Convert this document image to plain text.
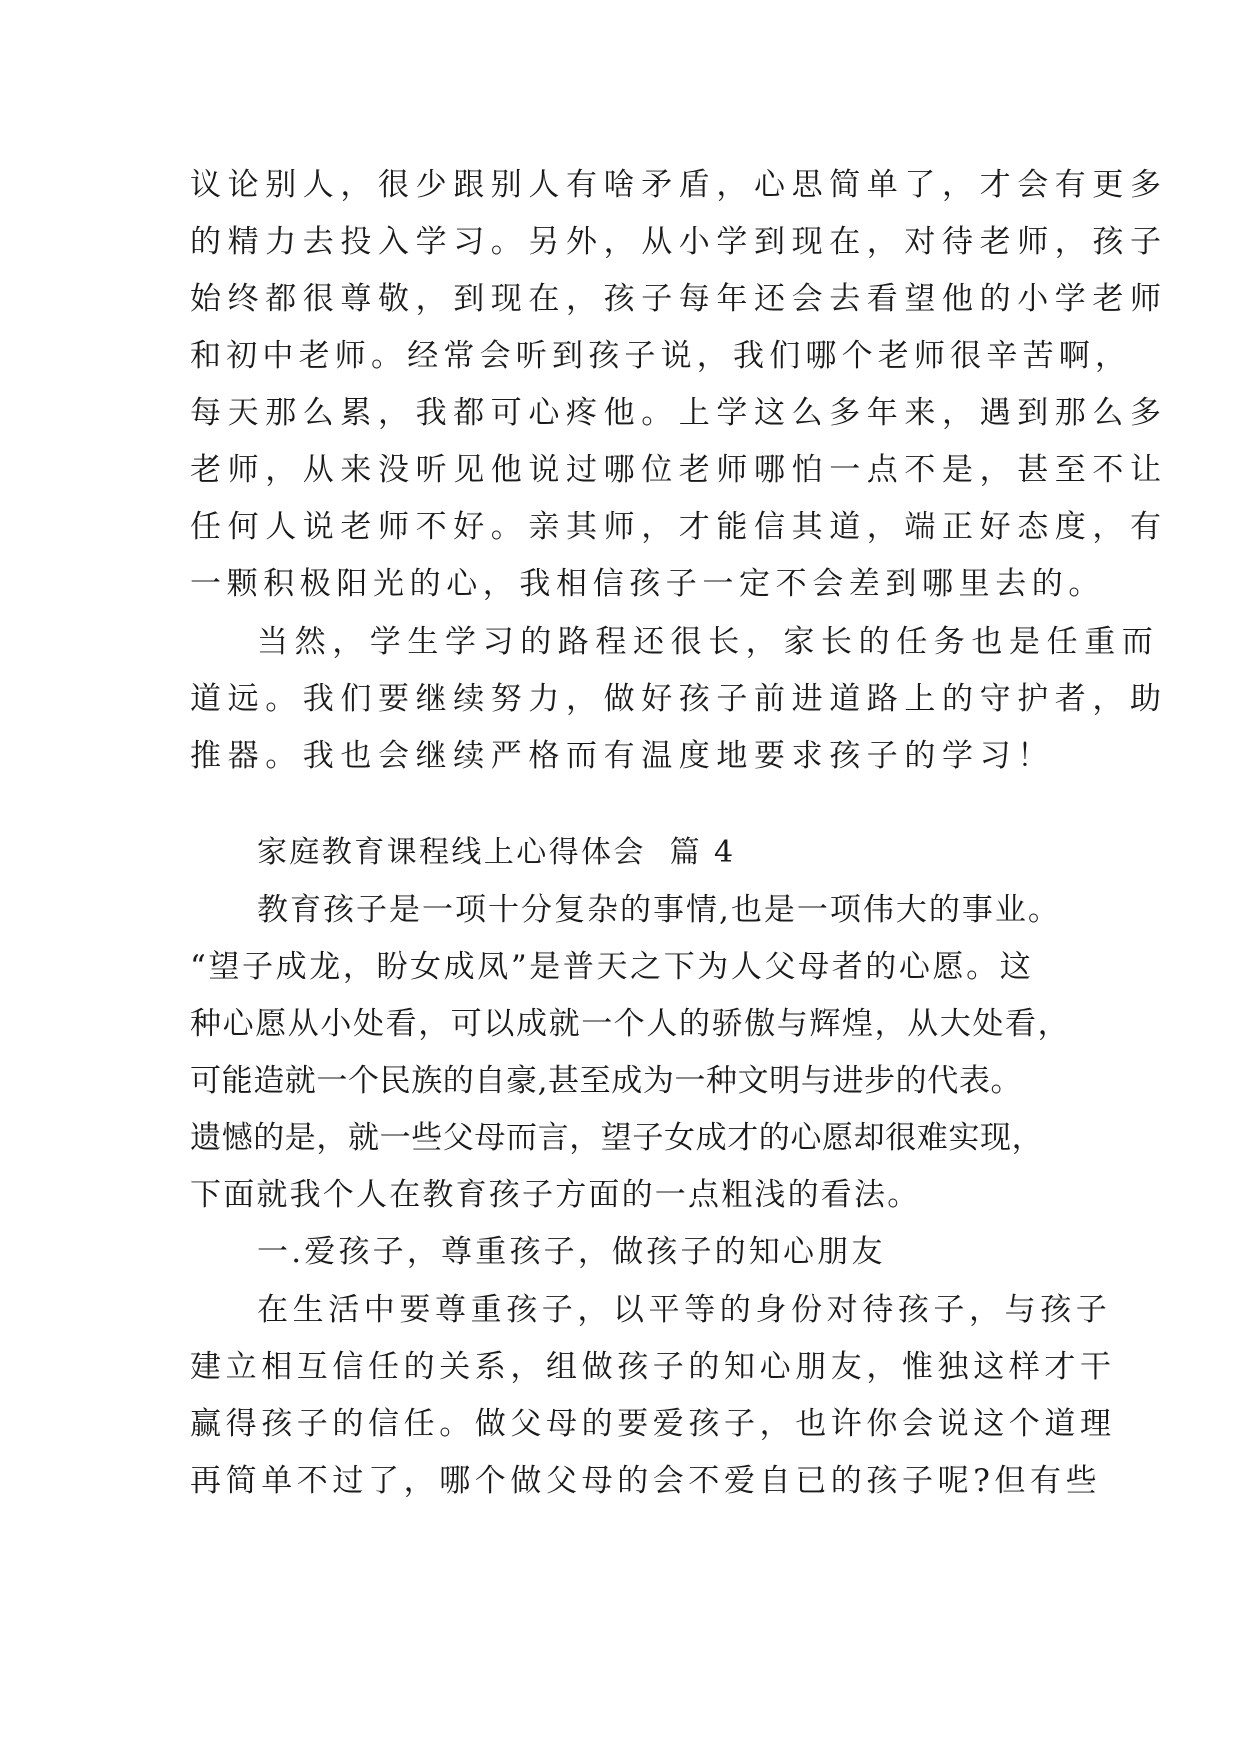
议论别人，很少跟别人有啥矛盾，心思简单了，才会有更多
的精力去投入学习。另外，从小学到现在，对待老师，孩子
始终都很尊敬，到现在，孩子每年还会去看望他的小学老师
和初中老师。经常会听到孩子说，我们哪个老师很辛苦啊，
每天那么累，我都可心疼他。上学这么多年来，遇到那么多
老师，从来没听见他说过哪位老师哪怕一点不是，甚至不让
任何人说老师不好。亲其师，才能信其道，端正好态度，有
一颗积极阳光的心，我相信孩子一定不会差到哪里去的。
当然，学生学习的路程还很长，家长的任务也是任重而
道远。我们要继续努力，做好孩子前进道路上的守护者，助
推器。我也会继续严格而有温度地要求孩子的学习！
家庭教育课程线上心得体会  篇 4
教育孩子是一项十分复杂的事情,也是一项伟大的事业。
“望子成龙，盼女成凤”是普天之下为人父母者的心愿。这
种心愿从小处看，可以成就一个人的骄傲与辉煌，从大处看，
可能造就一个民族的自豪,甚至成为一种文明与进步的代表。
遗憾的是，就一些父母而言，望子女成才的心愿却很难实现，
下面就我个人在教育孩子方面的一点粗浅的看法。
一.爱孩子，尊重孩子，做孩子的知心朋友
在生活中要尊重孩子，以平等的身份对待孩子，与孩子
建立相互信任的关系，组做孩子的知心朋友，惟独这样才干
赢得孩子的信任。做父母的要爱孩子，也许你会说这个道理
再简单不过了，哪个做父母的会不爱自已的孩子呢?但有些
